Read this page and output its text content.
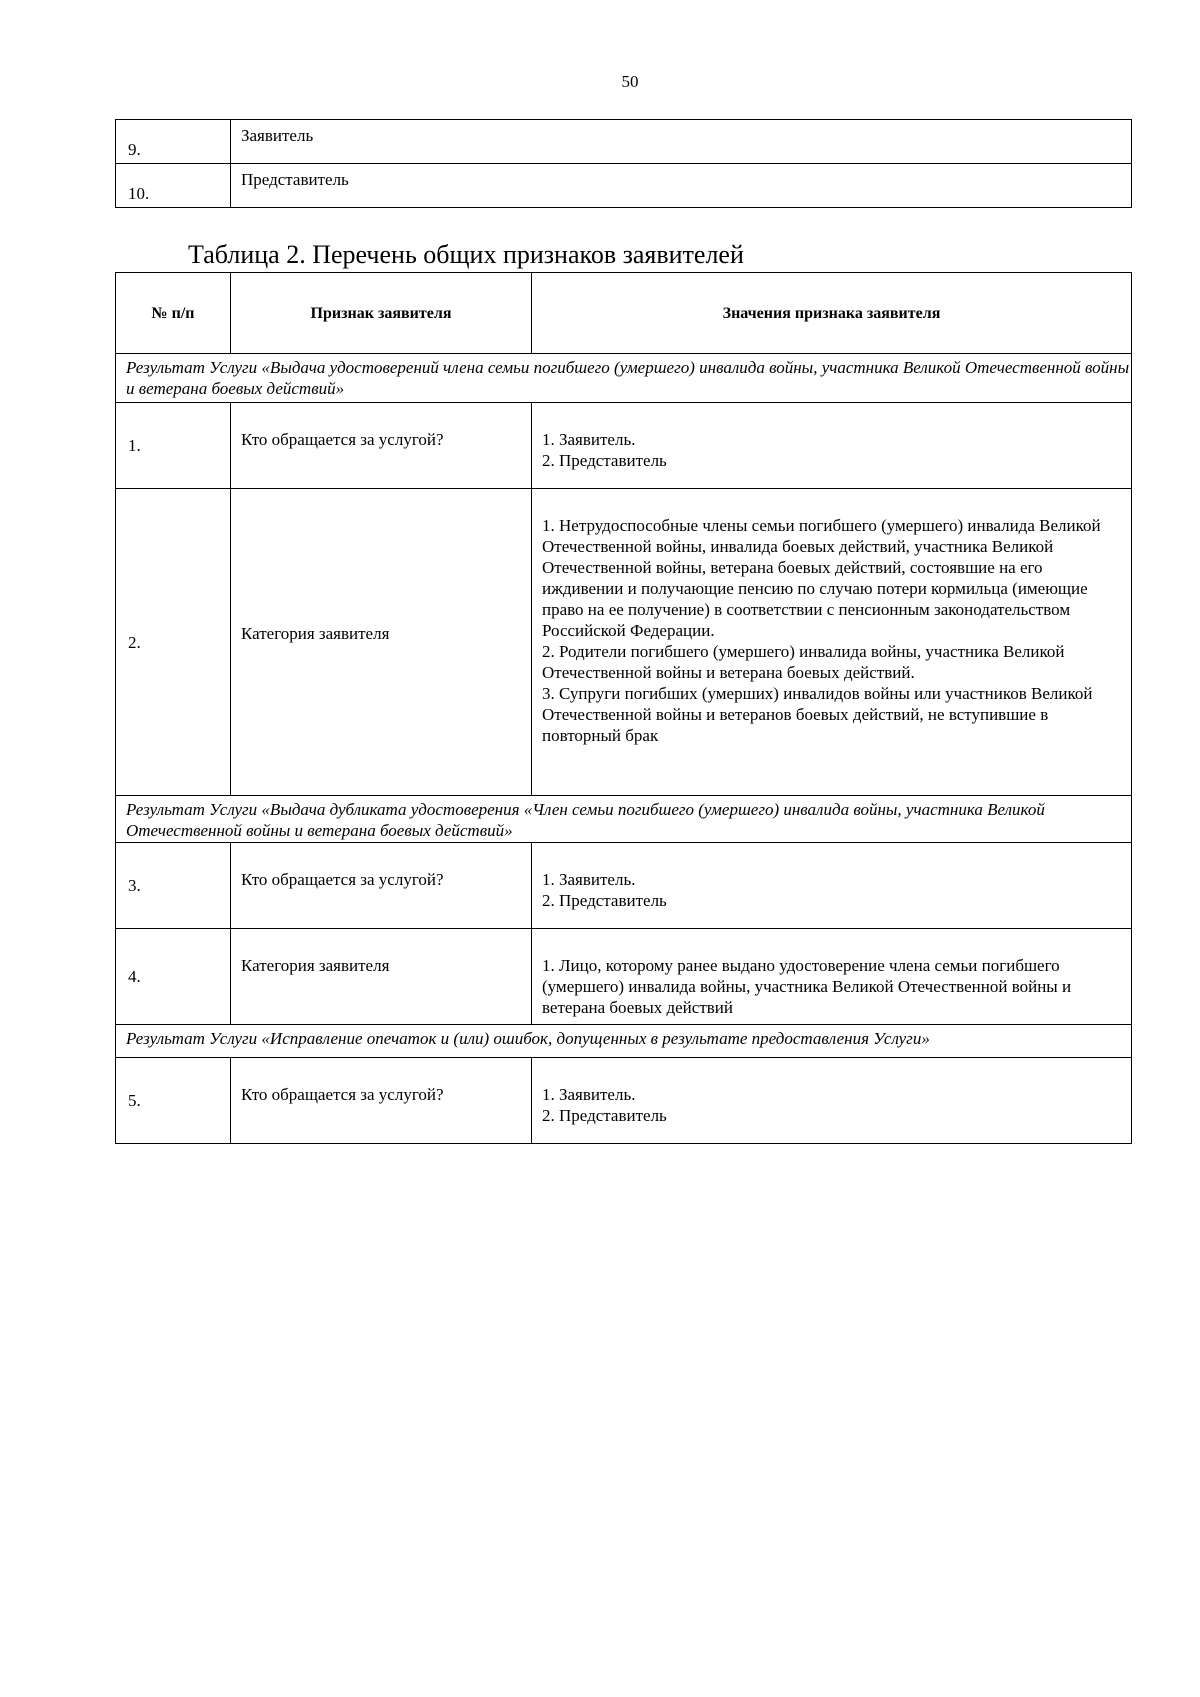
50
9.	Заявитель
10.	Представитель
Таблица 2. Перечень общих признаков заявителей
№ п/п	Признак заявителя	Значения признака заявителя
Результат Услуги «Выдача удостоверений члена семьи погибшего (умершего) инвалида войны, участника Великой Отечественной войны и ветерана боевых действий»		
1.	Кто обращается за услугой?	1. Заявитель.
2. Представитель
2.	Категория заявителя	1. Нетрудоспособные члены семьи погибшего (умершего) инвалида Великой Отечественной войны, инвалида боевых действий, участника Великой Отечественной войны, ветерана боевых действий, состоявшие на его иждивении и получающие пенсию по случаю потери кормильца (имеющие право на ее получение) в соответствии с пенсионным законодательством Российской Федерации.
2. Родители погибшего (умершего) инвалида войны, участника Великой Отечественной войны и ветерана боевых действий.
3. Супруги погибших (умерших) инвалидов войны или участников Великой Отечественной войны и ветеранов боевых действий, не вступившие в повторный брак
Результат Услуги «Выдача дубликата удостоверения «Член семьи погибшего (умершего) инвалида войны, участника Великой Отечественной войны и ветерана боевых действий»		
3.	Кто обращается за услугой?	1. Заявитель.
2. Представитель
4.	Категория заявителя	1. Лицо, которому ранее выдано удостоверение члена семьи погибшего (умершего) инвалида войны, участника Великой Отечественной войны и ветерана боевых действий
Результат Услуги «Исправление опечаток и (или) ошибок, допущенных в результате предоставления Услуги»		
5.	Кто обращается за услугой?	1. Заявитель.
2. Представитель
